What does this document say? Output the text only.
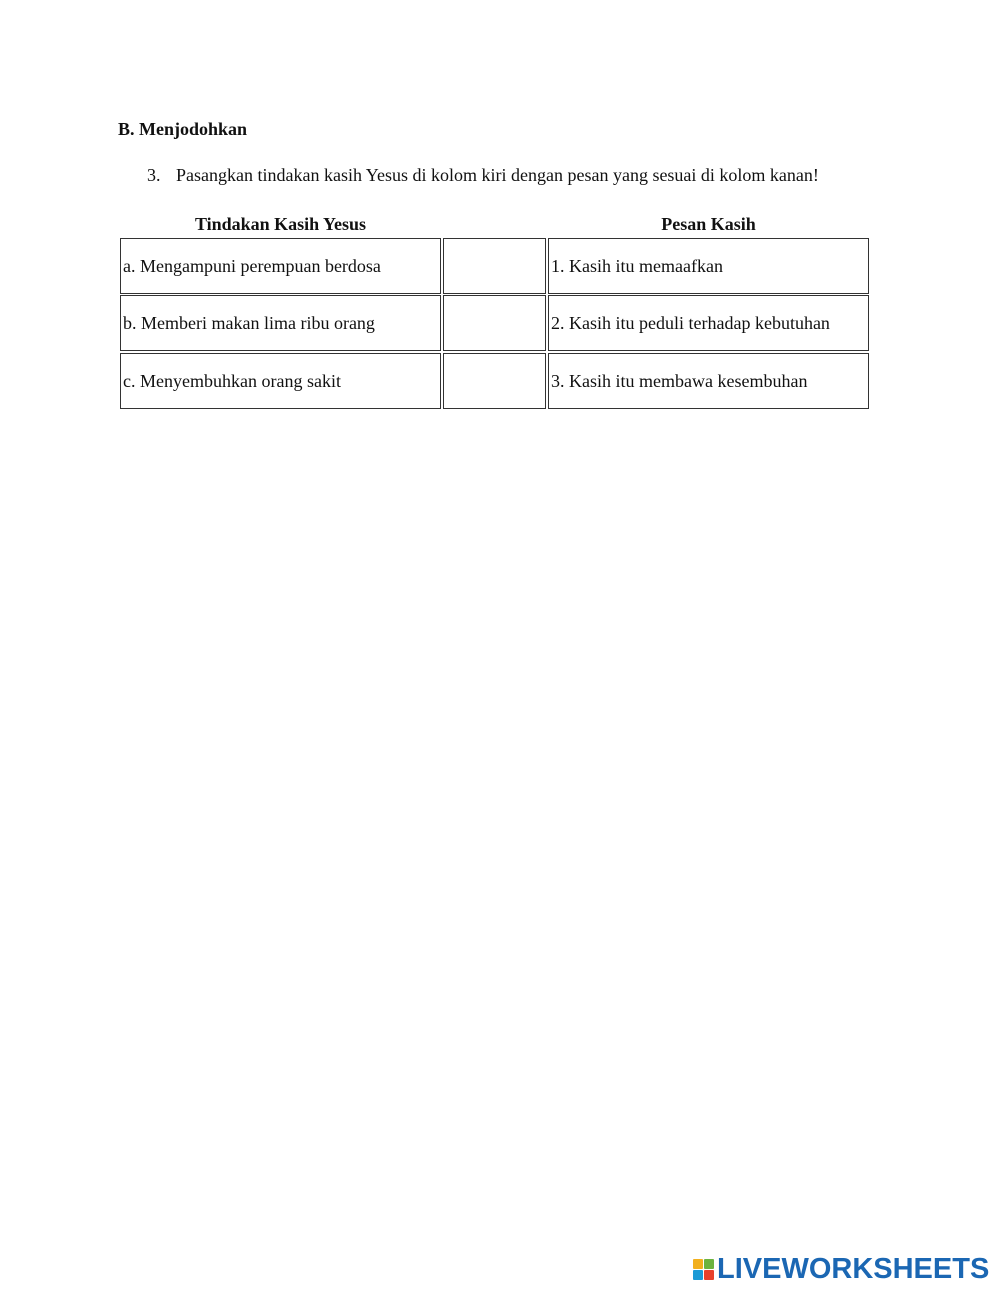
B. Menjodohkan
3. Pasangkan tindakan kasih Yesus di kolom kiri dengan pesan yang sesuai di kolom kanan!
Tindakan Kasih Yesus	Pesan Kasih
a. Mengampuni perempuan berdosa	1. Kasih itu memaafkan
b. Memberi makan lima ribu orang	2. Kasih itu peduli terhadap kebutuhan
c. Menyembuhkan orang sakit	3. Kasih itu membawa kesembuhan
LIVEWORKSHEETS
